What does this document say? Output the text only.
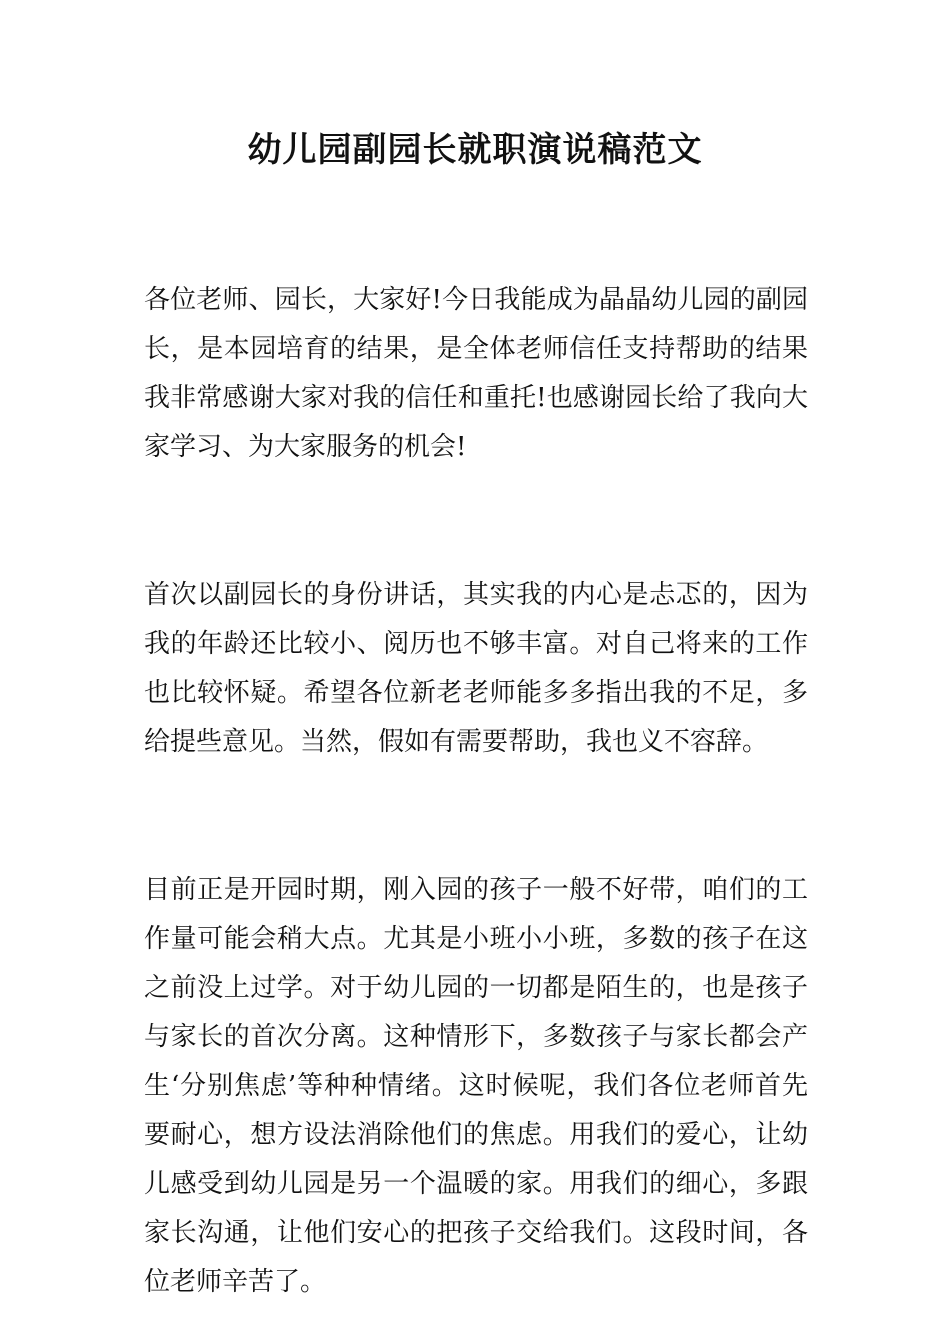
幼儿园副园长就职演说稿范文

各位老师、园长，大家好!今日我能成为晶晶幼儿园的副园长，是本园培育的结果，是全体老师信任支持帮助的结果我非常感谢大家对我的信任和重托!也感谢园长给了我向大家学习、为大家服务的机会!

首次以副园长的身份讲话，其实我的内心是忐忑的，因为我的年龄还比较小、阅历也不够丰富。对自己将来的工作也比较怀疑。希望各位新老老师能多多指出我的不足，多给提些意见。当然，假如有需要帮助，我也义不容辞。

目前正是开园时期，刚入园的孩子一般不好带，咱们的工作量可能会稍大点。尤其是小班小小班，多数的孩子在这之前没上过学。对于幼儿园的一切都是陌生的，也是孩子与家长的首次分离。这种情形下，多数孩子与家长都会产生‘分别焦虑’等种种情绪。这时候呢，我们各位老师首先要耐心，想方设法消除他们的焦虑。用我们的爱心，让幼儿感受到幼儿园是另一个温暖的家。用我们的细心，多跟家长沟通，让他们安心的把孩子交给我们。这段时间，各位老师辛苦了。
